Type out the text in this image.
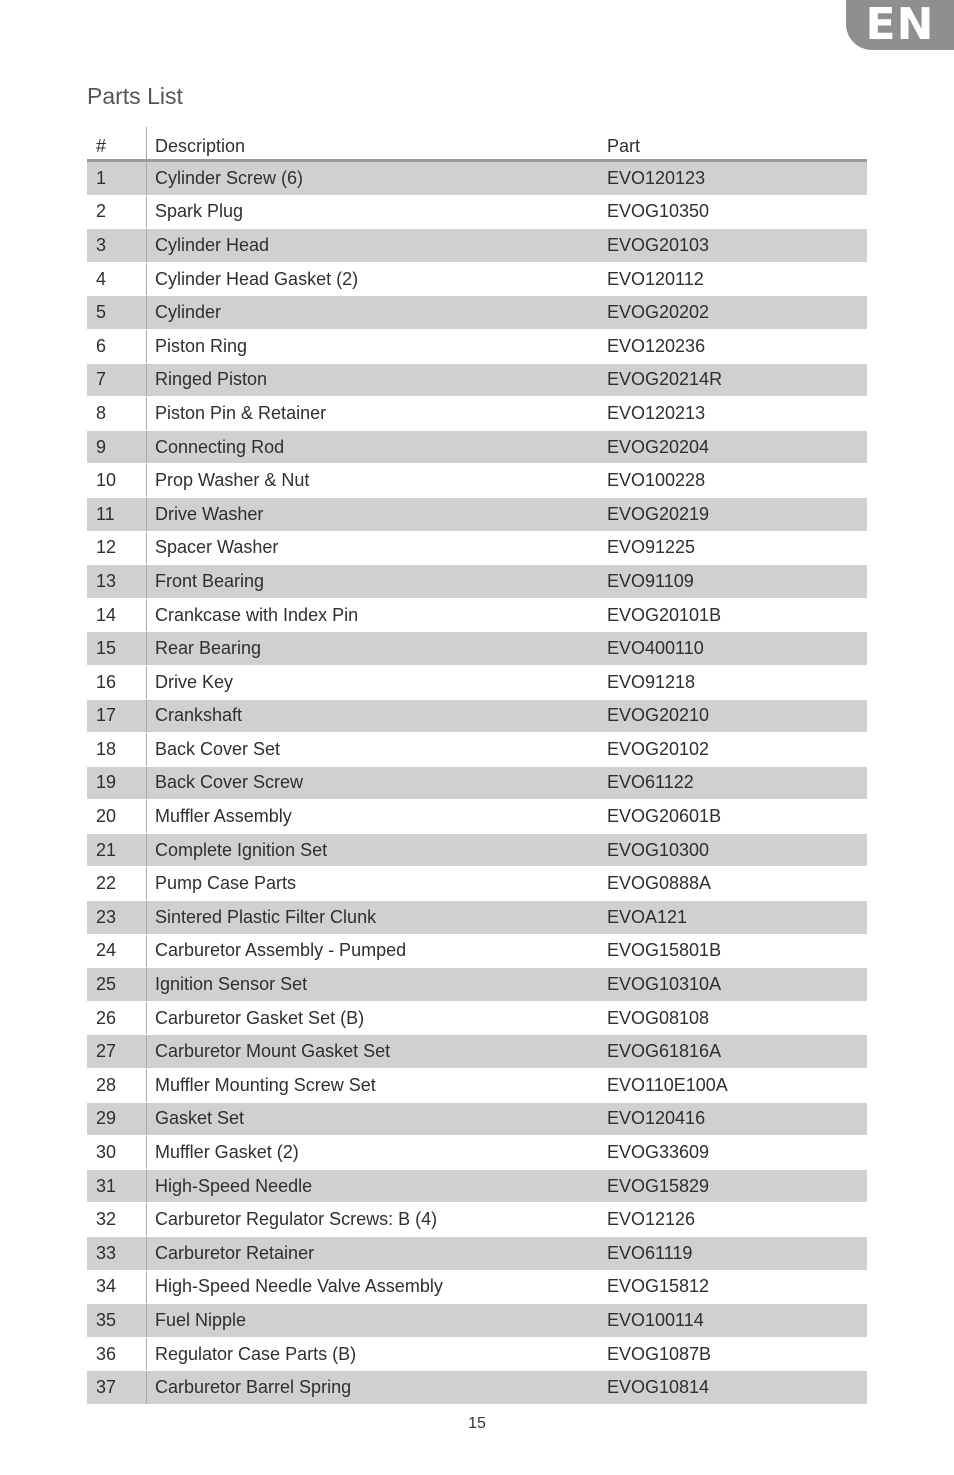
EN
Parts List
#	Description	Part
1	Cylinder Screw (6)	EVO120123
2	Spark Plug	EVOG10350
3	Cylinder Head	EVOG20103
4	Cylinder Head Gasket (2)	EVO120112
5	Cylinder	EVOG20202
6	Piston Ring	EVO120236
7	Ringed Piston	EVOG20214R
8	Piston Pin & Retainer	EVO120213
9	Connecting Rod	EVOG20204
10	Prop Washer & Nut	EVO100228
11	Drive Washer	EVOG20219
12	Spacer Washer	EVO91225
13	Front Bearing	EVO91109
14	Crankcase with Index Pin	EVOG20101B
15	Rear Bearing	EVO400110
16	Drive Key	EVO91218
17	Crankshaft	EVOG20210
18	Back Cover Set	EVOG20102
19	Back Cover Screw	EVO61122
20	Muffler Assembly	EVOG20601B
21	Complete Ignition Set	EVOG10300
22	Pump Case Parts	EVOG0888A
23	Sintered Plastic Filter Clunk	EVOA121
24	Carburetor Assembly - Pumped	EVOG15801B
25	Ignition Sensor Set	EVOG10310A
26	Carburetor Gasket Set (B)	EVOG08108
27	Carburetor Mount Gasket Set	EVOG61816A
28	Muffler Mounting Screw Set	EVO110E100A
29	Gasket Set	EVO120416
30	Muffler Gasket (2)	EVOG33609
31	High-Speed Needle	EVOG15829
32	Carburetor Regulator Screws: B (4)	EVO12126
33	Carburetor Retainer	EVO61119
34	High-Speed Needle Valve Assembly	EVOG15812
35	Fuel Nipple	EVO100114
36	Regulator Case Parts (B)	EVOG1087B
37	Carburetor Barrel Spring	EVOG10814
15
